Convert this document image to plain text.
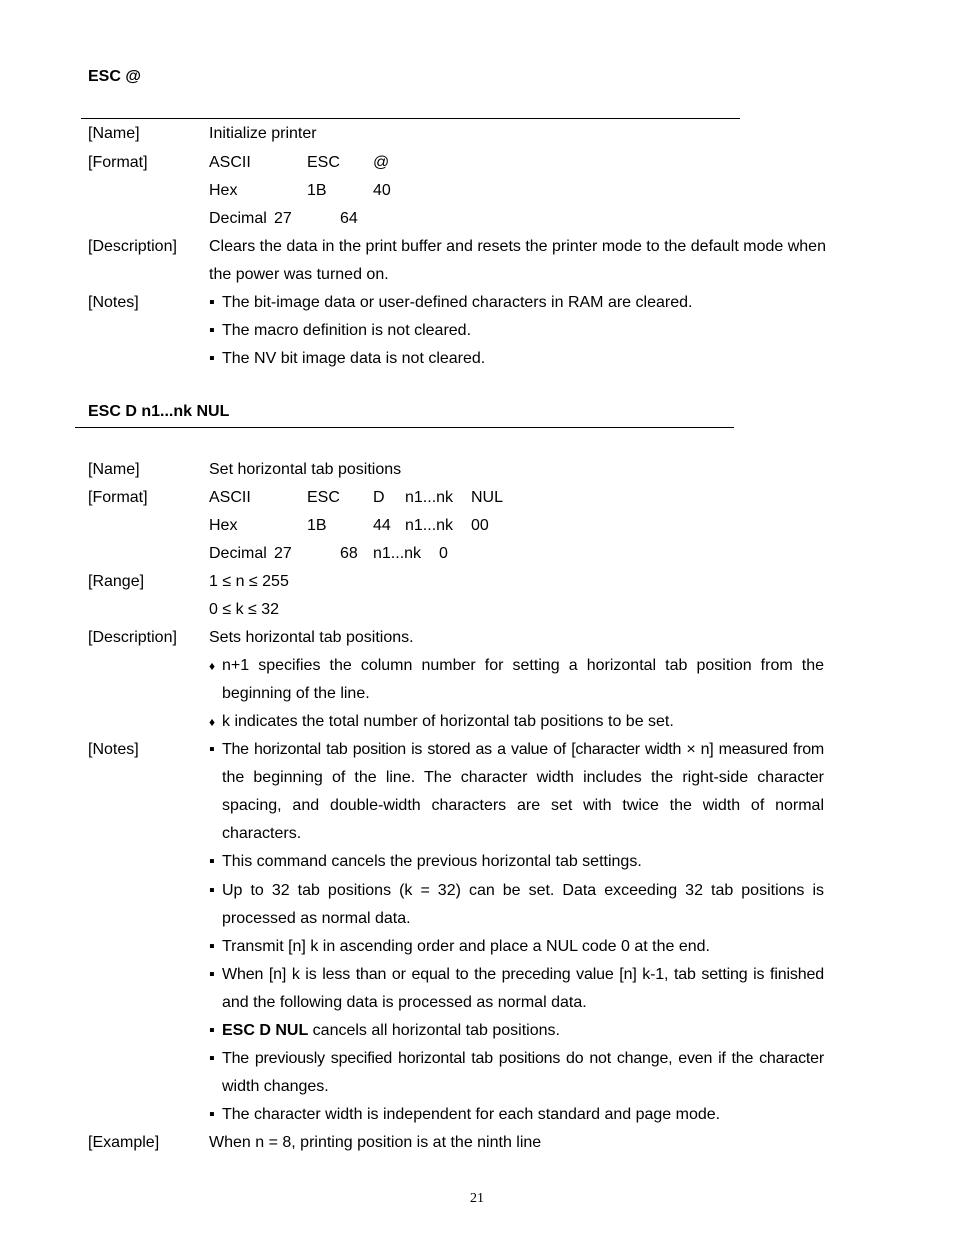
ESC @
[Name]	Initialize printer
[Format]	ASCII	ESC @
Hex	1B	40
Decimal 27	64
[Description] Clears the data in the print buffer and resets the printer mode to the default mode when
the power was turned on.
[Notes]	▪ The bit-image data or user-defined characters in RAM are cleared.
▪ The macro definition is not cleared.
▪ The NV bit image data is not cleared.
ESC D n1...nk NUL
[Name]	Set horizontal tab positions
[Format]	ASCII	ESC D n1...nk NUL
Hex	1B	44 n1...nk 00
Decimal 27	68 n1...nk 0
[Range]	1 ≤ n ≤ 255
0 ≤ k ≤ 32
[Description] Sets horizontal tab positions.
♦ n+1 specifies the column number for setting a horizontal tab position from the
beginning of the line.
♦ k indicates the total number of horizontal tab positions to be set.
[Notes]	▪ The horizontal tab position is stored as a value of [character width × n] measured from
the beginning of the line. The character width includes the right-side character
spacing, and double-width characters are set with twice the width of normal
characters.
▪ This command cancels the previous horizontal tab settings.
▪ Up to 32 tab positions (k = 32) can be set. Data exceeding 32 tab positions is
processed as normal data.
▪ Transmit [n] k in ascending order and place a NUL code 0 at the end.
▪ When [n] k is less than or equal to the preceding value [n] k-1, tab setting is finished
and the following data is processed as normal data.
▪ ESC D NUL cancels all horizontal tab positions.
▪ The previously specified horizontal tab positions do not change, even if the character
width changes.
▪ The character width is independent for each standard and page mode.
[Example]	When n = 8, printing position is at the ninth line
21
